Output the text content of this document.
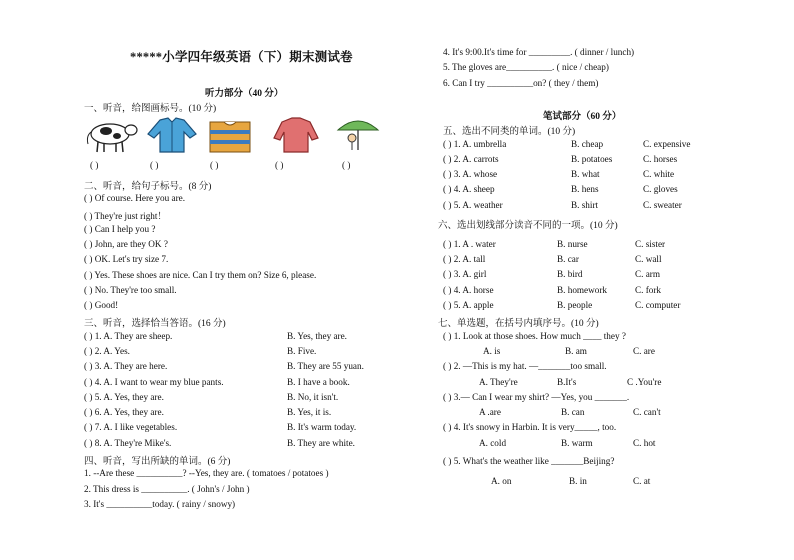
*****小学四年级英语（下）期末测试卷
听力部分（40 分）
一、听音，给图画标号。(10 分)
( )	( )	( )	( )	( )
二、听音，给句子标号。(8 分)
( ) Of course. Here you are.
( ) They're just right！
( ) Can I help you ?
( ) John, are they OK ?
( ) OK. Let's try size 7.
( ) Yes. These shoes are nice. Can I try them on? Size 6, please.
( ) No. They're too small.
( ) Good!
三、听音，选择恰当答语。(16 分)
( ) 1. A. They are sheep.	B. Yes, they are.
( ) 2. A. Yes.	B. Five.
( ) 3. A. They are here.	B. They are 55 yuan.
( ) 4. A. I want to wear my blue pants.	B. I have a book.
( ) 5. A. Yes, they are.	B. No, it isn't.
( ) 6. A. Yes, they are.	B. Yes, it is.
( ) 7. A. I like vegetables.	B. It's warm today.
( ) 8. A. They're Mike's.	B. They are white.
四、听音，写出所缺的单词。(6 分)
1. --Are these __________? --Yes, they are. ( tomatoes / potatoes )
2. This dress is __________. ( John's / John )
3. It's __________today. ( rainy / snowy)
4. It's 9:00.It's time for _________. ( dinner / lunch)
5. The gloves are__________. ( nice / cheap)
6. Can I try __________on? ( they / them)
笔试部分（60 分）
五、选出不同类的单词。(10 分)
( ) 1. A. umbrella	B. cheap	C. expensive
( ) 2. A. carrots	B. potatoes	C. horses
( ) 3. A. whose	B. what	C. white
( ) 4. A. sheep	B. hens	C. gloves
( ) 5. A. weather	B. shirt	C. sweater
六、选出划线部分读音不同的一项。(10 分)
( ) 1. A . water	B. nurse	C. sister
( ) 2. A. tall	B. car	C. wall
( ) 3. A. girl	B. bird	C. arm
( ) 4. A. horse	B. homework	C. fork
( ) 5. A. apple	B. people	C. computer
七、单选题，在括号内填序号。(10 分)
( ) 1. Look at those shoes. How much ____ they ?
A. is	B. am	C. are
( ) 2. —This is my hat. —_______too small.
A. They're	B.It's	C .You're
( ) 3.— Can I wear my shirt? —Yes, you _______.
A .are	B. can	C. can't
( ) 4. It's snowy in Harbin. It is very_____, too.
A. cold	B. warm	C. hot
( ) 5. What's the weather like _______Beijing?
A. on	B. in	C. at
